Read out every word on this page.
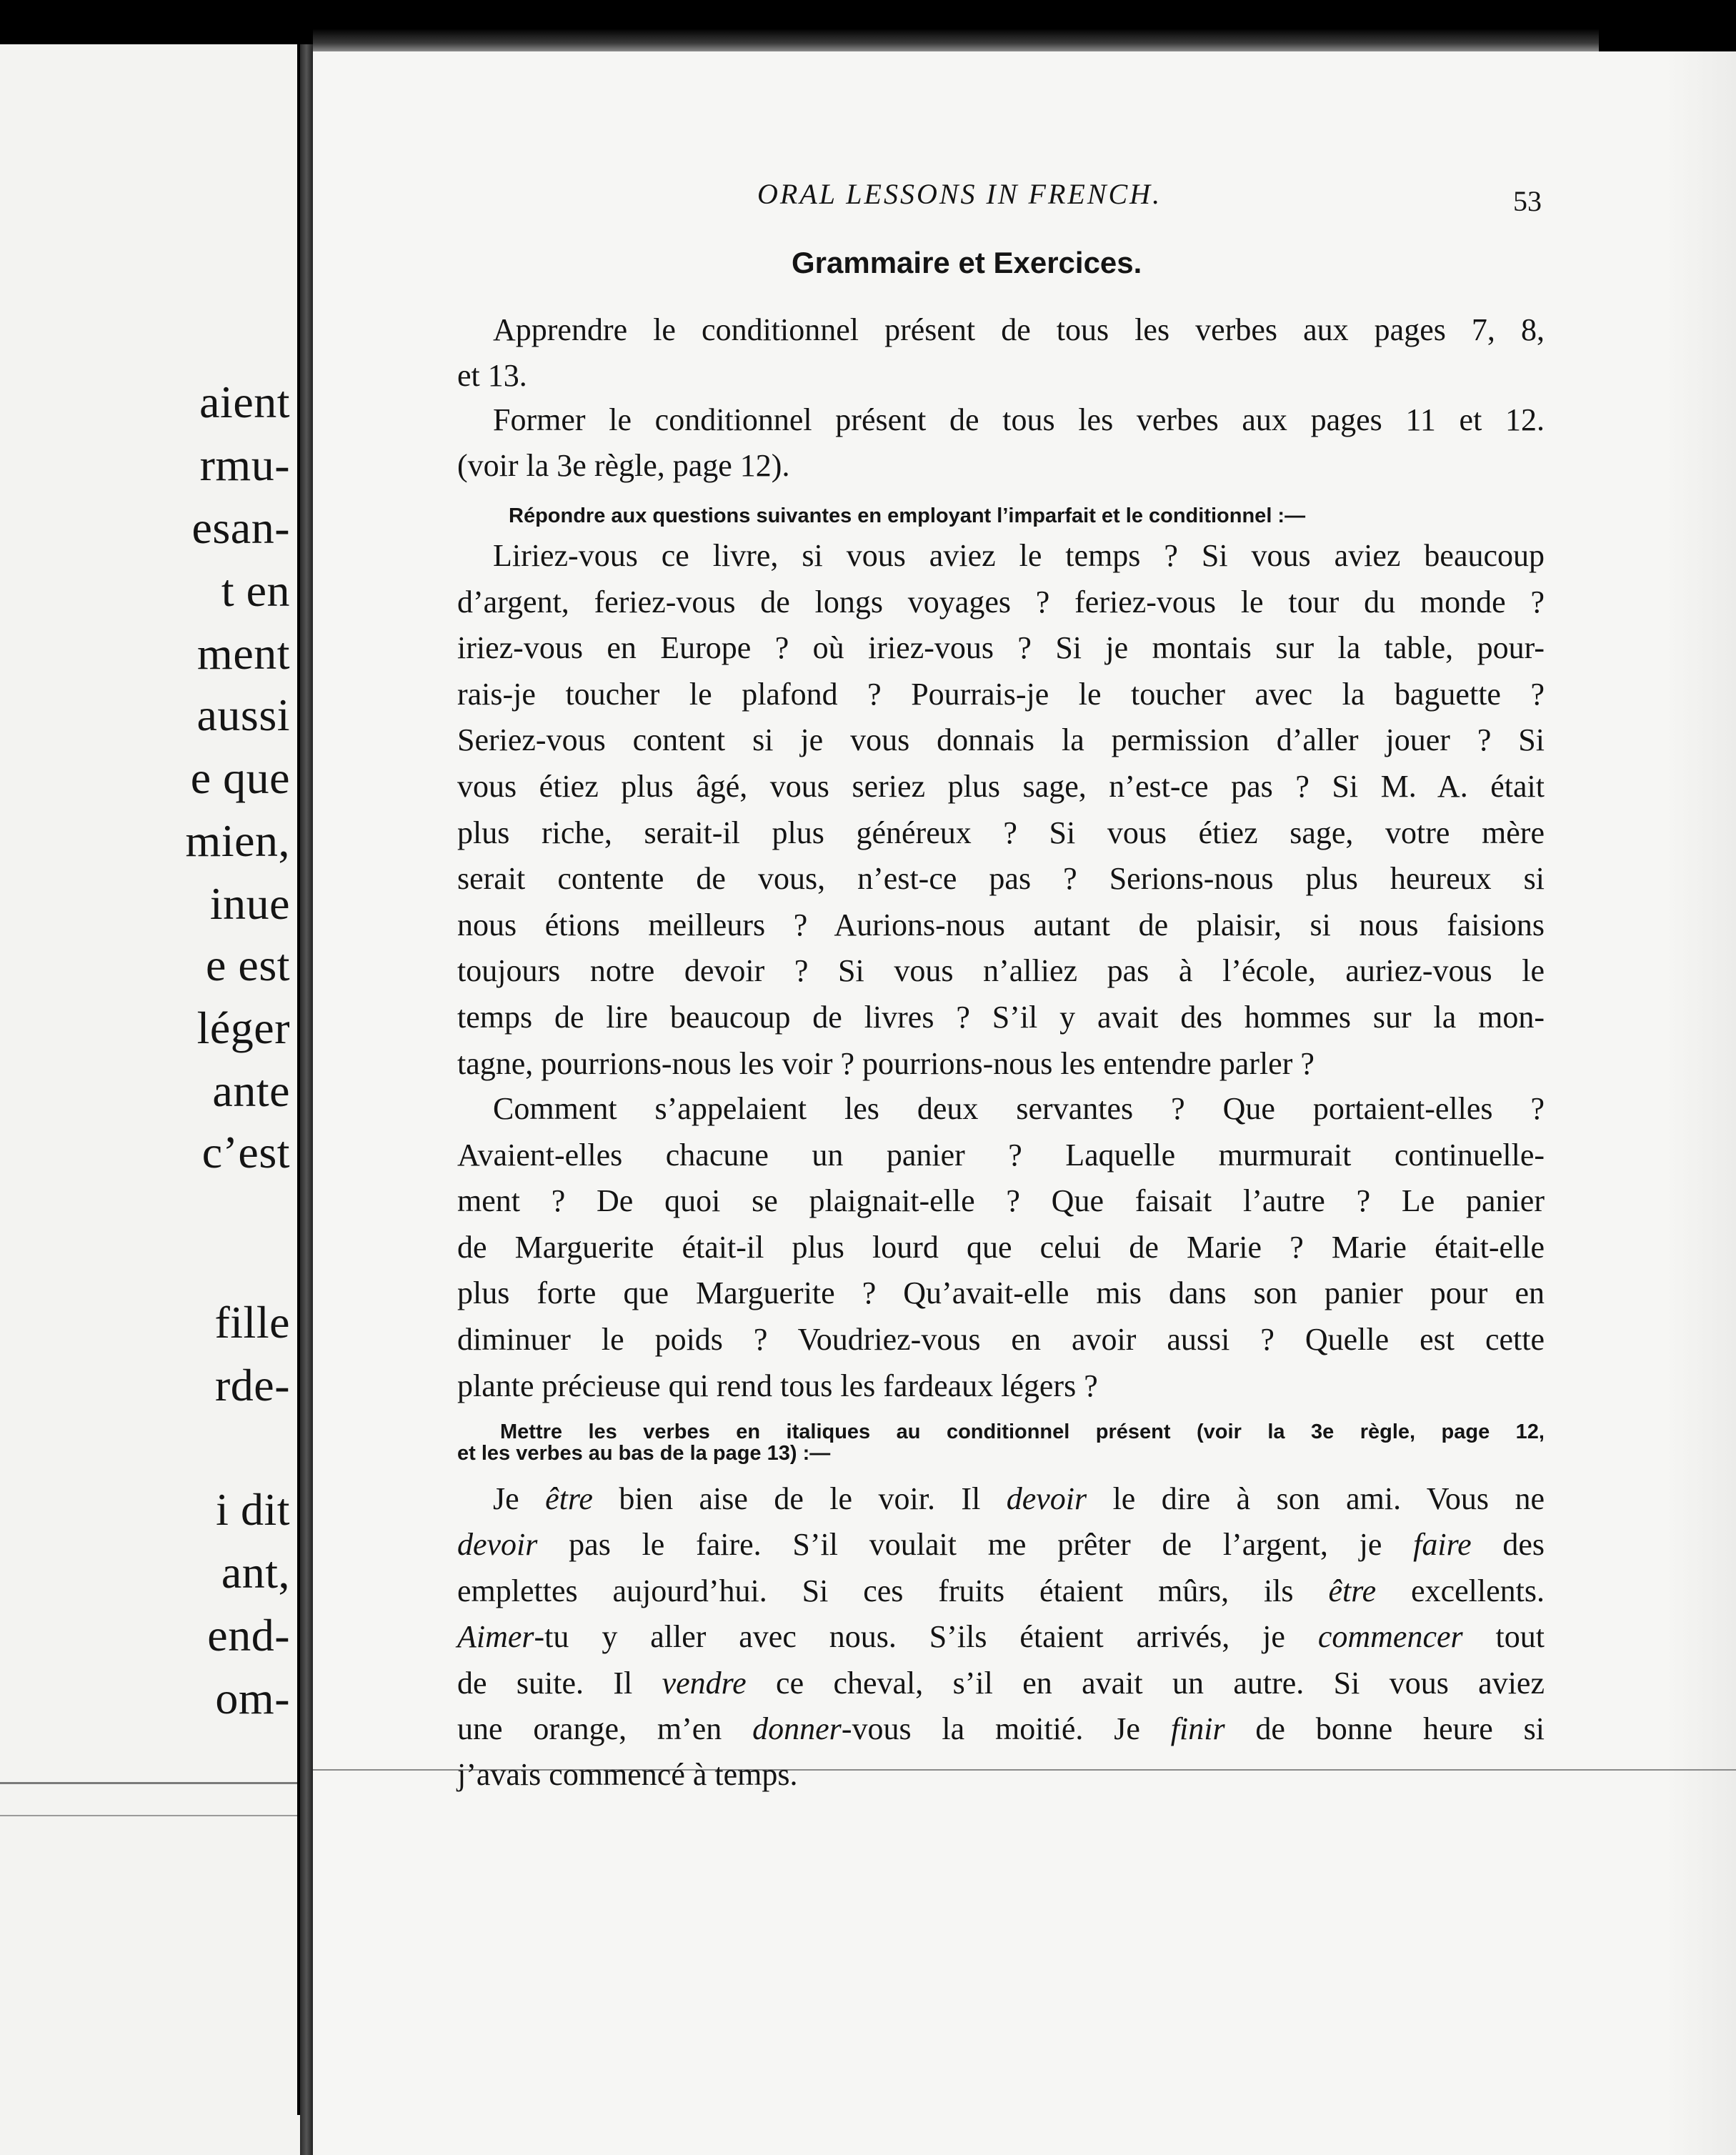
aient
rmu-
esan-
t en
ment
aussi
e que
mien,
inue
e est
léger
ante
c’est
fille
rde-
i dit
ant,
end-
om-
ORAL LESSONS IN FRENCH.	53
Grammaire et Exercices.
Apprendre le conditionnel présent de tous les verbes aux pages 7, 8,
et 13.
Former le conditionnel présent de tous les verbes aux pages 11 et 12.
(voir la 3e règle, page 12).
Répondre aux questions suivantes en employant l’imparfait et le conditionnel :—
Liriez-vous ce livre, si vous aviez le temps ? Si vous aviez beaucoup
d’argent, feriez-vous de longs voyages ? feriez-vous le tour du monde ?
iriez-vous en Europe ? où iriez-vous ? Si je montais sur la table, pour-
rais-je toucher le plafond ? Pourrais-je le toucher avec la baguette ?
Seriez-vous content si je vous donnais la permission d’aller jouer ? Si
vous étiez plus âgé, vous seriez plus sage, n’est-ce pas ? Si M. A. était
plus riche, serait-il plus généreux ? Si vous étiez sage, votre mère
serait contente de vous, n’est-ce pas ? Serions-nous plus heureux si
nous étions meilleurs ? Aurions-nous autant de plaisir, si nous faisions
toujours notre devoir ? Si vous n’alliez pas à l’école, auriez-vous le
temps de lire beaucoup de livres ? S’il y avait des hommes sur la mon-
tagne, pourrions-nous les voir ? pourrions-nous les entendre parler ?
Comment s’appelaient les deux servantes ? Que portaient-elles ?
Avaient-elles chacune un panier ? Laquelle murmurait continuelle-
ment ? De quoi se plaignait-elle ? Que faisait l’autre ? Le panier
de Marguerite était-il plus lourd que celui de Marie ? Marie était-elle
plus forte que Marguerite ? Qu’avait-elle mis dans son panier pour en
diminuer le poids ? Voudriez-vous en avoir aussi ? Quelle est cette
plante précieuse qui rend tous les fardeaux légers ?
Mettre les verbes en italiques au conditionnel présent (voir la 3e règle, page 12,
et les verbes au bas de la page 13) :—
Je être bien aise de le voir. Il devoir le dire à son ami. Vous ne
devoir pas le faire. S’il voulait me prêter de l’argent, je faire des
emplettes aujourd’hui. Si ces fruits étaient mûrs, ils être excellents.
Aimer-tu y aller avec nous. S’ils étaient arrivés, je commencer tout
de suite. Il vendre ce cheval, s’il en avait un autre. Si vous aviez
une orange, m’en donner-vous la moitié. Je finir de bonne heure si
j’avais commencé à temps.
